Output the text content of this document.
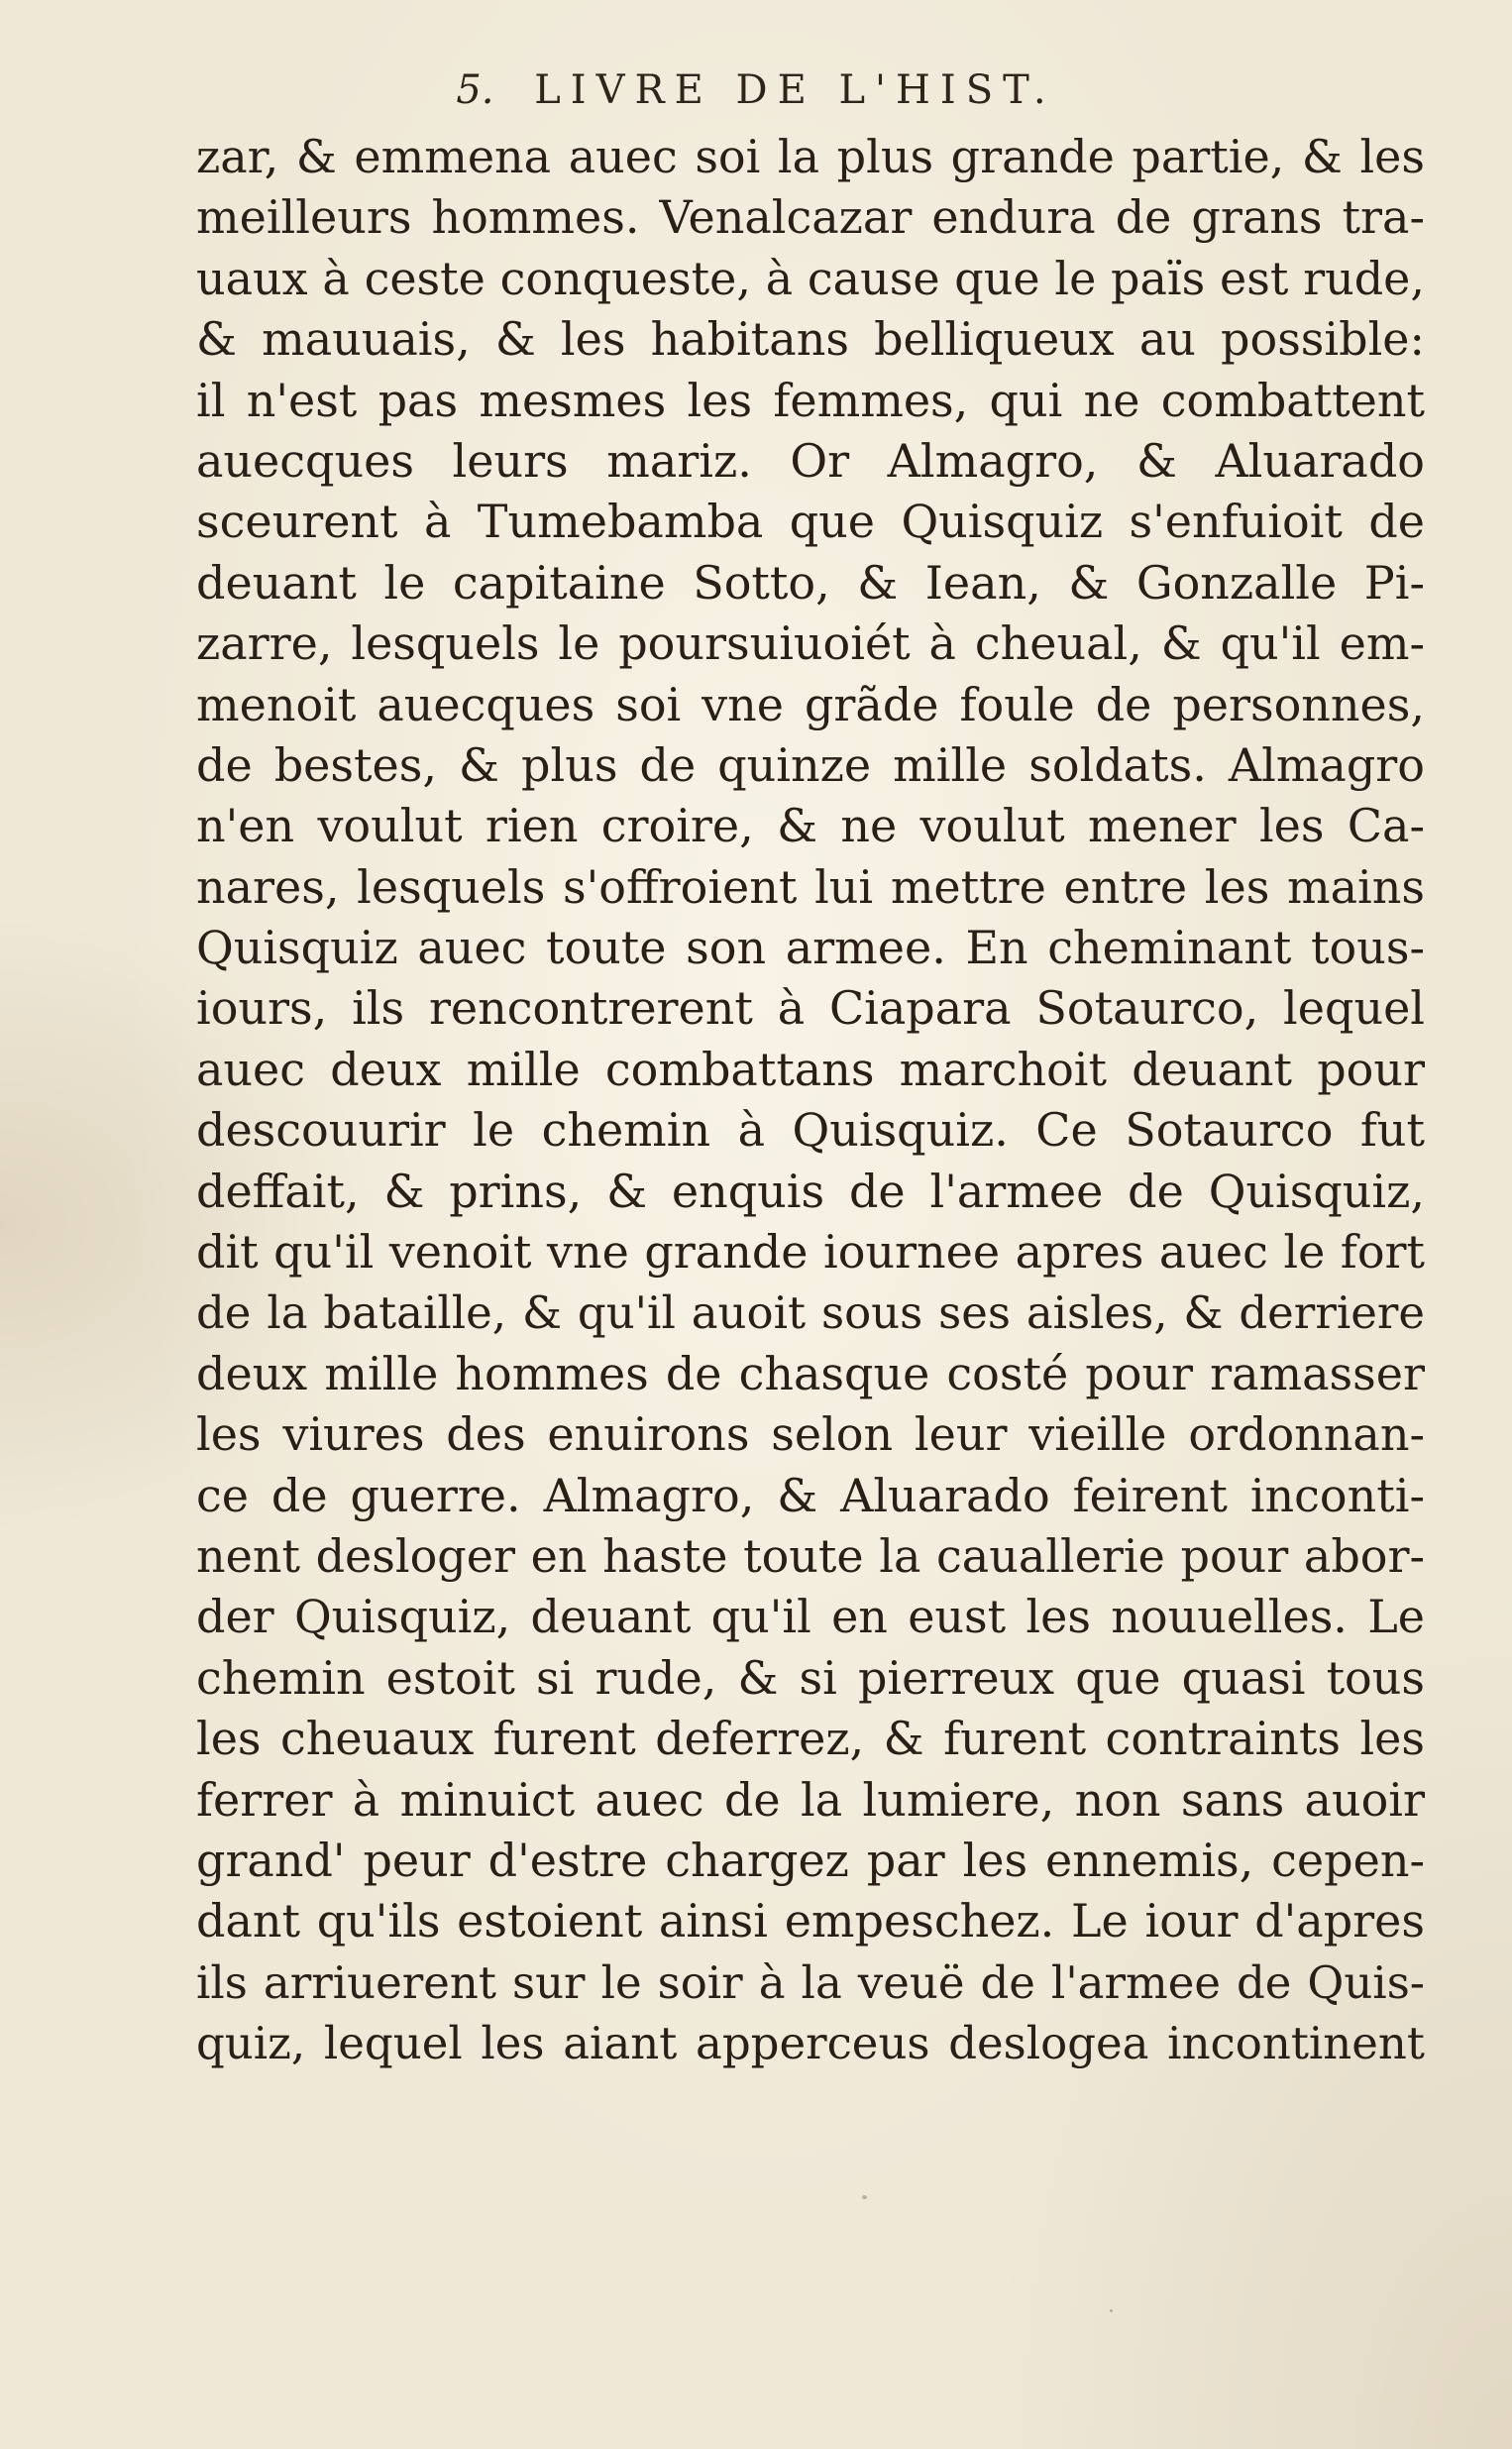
5. LIVRE DE L'HIST.
zar, & emmena auec soi la plus grande partie, & les
meilleurs hommes. Venalcazar endura de grans tra-
uaux à ceste conqueste, à cause que le païs est rude,
& mauuais, & les habitans belliqueux au possible:
il n'est pas mesmes les femmes, qui ne combattent
auecques leurs mariz. Or Almagro, & Aluarado
sceurent à Tumebamba que Quisquiz s'enfuioit de
deuant le capitaine Sotto, & Iean, & Gonzalle Pi-
zarre, lesquels le poursuiuoiét à cheual, & qu'il em-
menoit auecques soi vne grãde foule de personnes,
de bestes, & plus de quinze mille soldats. Almagro
n'en voulut rien croire, & ne voulut mener les Ca-
nares, lesquels s'offroient lui mettre entre les mains
Quisquiz auec toute son armee. En cheminant tous-
iours, ils rencontrerent à Ciapara Sotaurco, lequel
auec deux mille combattans marchoit deuant pour
descouurir le chemin à Quisquiz. Ce Sotaurco fut
deffait, & prins, & enquis de l'armee de Quisquiz,
dit qu'il venoit vne grande iournee apres auec le fort
de la bataille, & qu'il auoit sous ses aisles, & derriere
deux mille hommes de chasque costé pour ramasser
les viures des enuirons selon leur vieille ordonnan-
ce de guerre. Almagro, & Aluarado feirent inconti-
nent desloger en haste toute la cauallerie pour abor-
der Quisquiz, deuant qu'il en eust les nouuelles. Le
chemin estoit si rude, & si pierreux que quasi tous
les cheuaux furent deferrez, & furent contraints les
ferrer à minuict auec de la lumiere, non sans auoir
grand' peur d'estre chargez par les ennemis, cepen-
dant qu'ils estoient ainsi empeschez. Le iour d'apres
ils arriuerent sur le soir à la veuë de l'armee de Quis-
quiz, lequel les aiant apperceus deslogea incontinent
